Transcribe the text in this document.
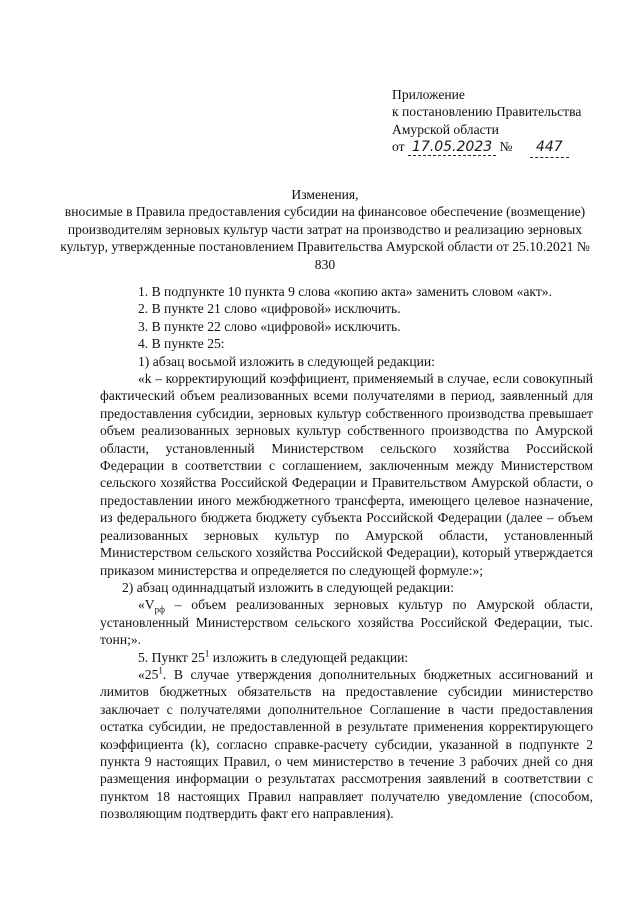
Приложение
к постановлению Правительства
Амурской области
от 17.05.2023 № 447
Изменения,
вносимые в Правила предоставления субсидии на финансовое обеспечение (возмещение) производителям зерновых культур части затрат на производство и реализацию зерновых культур, утвержденные постановлением Правительства Амурской области от 25.10.2021 № 830

1. В подпункте 10 пункта 9 слова «копию акта» заменить словом «акт».

2. В пункте 21 слово «цифровой» исключить.

3. В пункте 22 слово «цифровой» исключить.

4. В пункте 25:

1) абзац восьмой изложить в следующей редакции:

«k – корректирующий коэффициент, применяемый в случае, если совокупный фактический объем реализованных всеми получателями в период, заявленный для предоставления субсидии, зерновых культур собственного производства превышает объем реализованных зерновых культур собственного производства по Амурской области, установленный Министерством сельского хозяйства Российской Федерации в соответствии с соглашением, заключенным между Министерством сельского хозяйства Российской Федерации и Правительством Амурской области, о предоставлении иного межбюджетного трансферта, имеющего целевое назначение, из федерального бюджета бюджету субъекта Российской Федерации (далее – объем реализованных зерновых культур по Амурской области, установленный Министерством сельского хозяйства Российской Федерации), который утверждается приказом министерства и определяется по следующей формуле:»;

2) абзац одиннадцатый изложить в следующей редакции:

«$V_{рф}$ – объем реализованных зерновых культур по Амурской области, установленный Министерством сельского хозяйства Российской Федерации, тыс. тонн;».

5. Пункт $25^1$ изложить в следующей редакции:

«$25^1$. В случае утверждения дополнительных бюджетных ассигнований и лимитов бюджетных обязательств на предоставление субсидии министерство заключает с получателями дополнительное Соглашение в части предоставления остатка субсидии, не предоставленной в результате применения корректирующего коэффициента (k), согласно справке-расчету субсидии, указанной в подпункте 2 пункта 9 настоящих Правил, о чем министерство в течение 3 рабочих дней со дня размещения информации о результатах рассмотрения заявлений в соответствии с пунктом 18 настоящих Правил направляет получателю уведомление (способом, позволяющим подтвердить факт его направления).
